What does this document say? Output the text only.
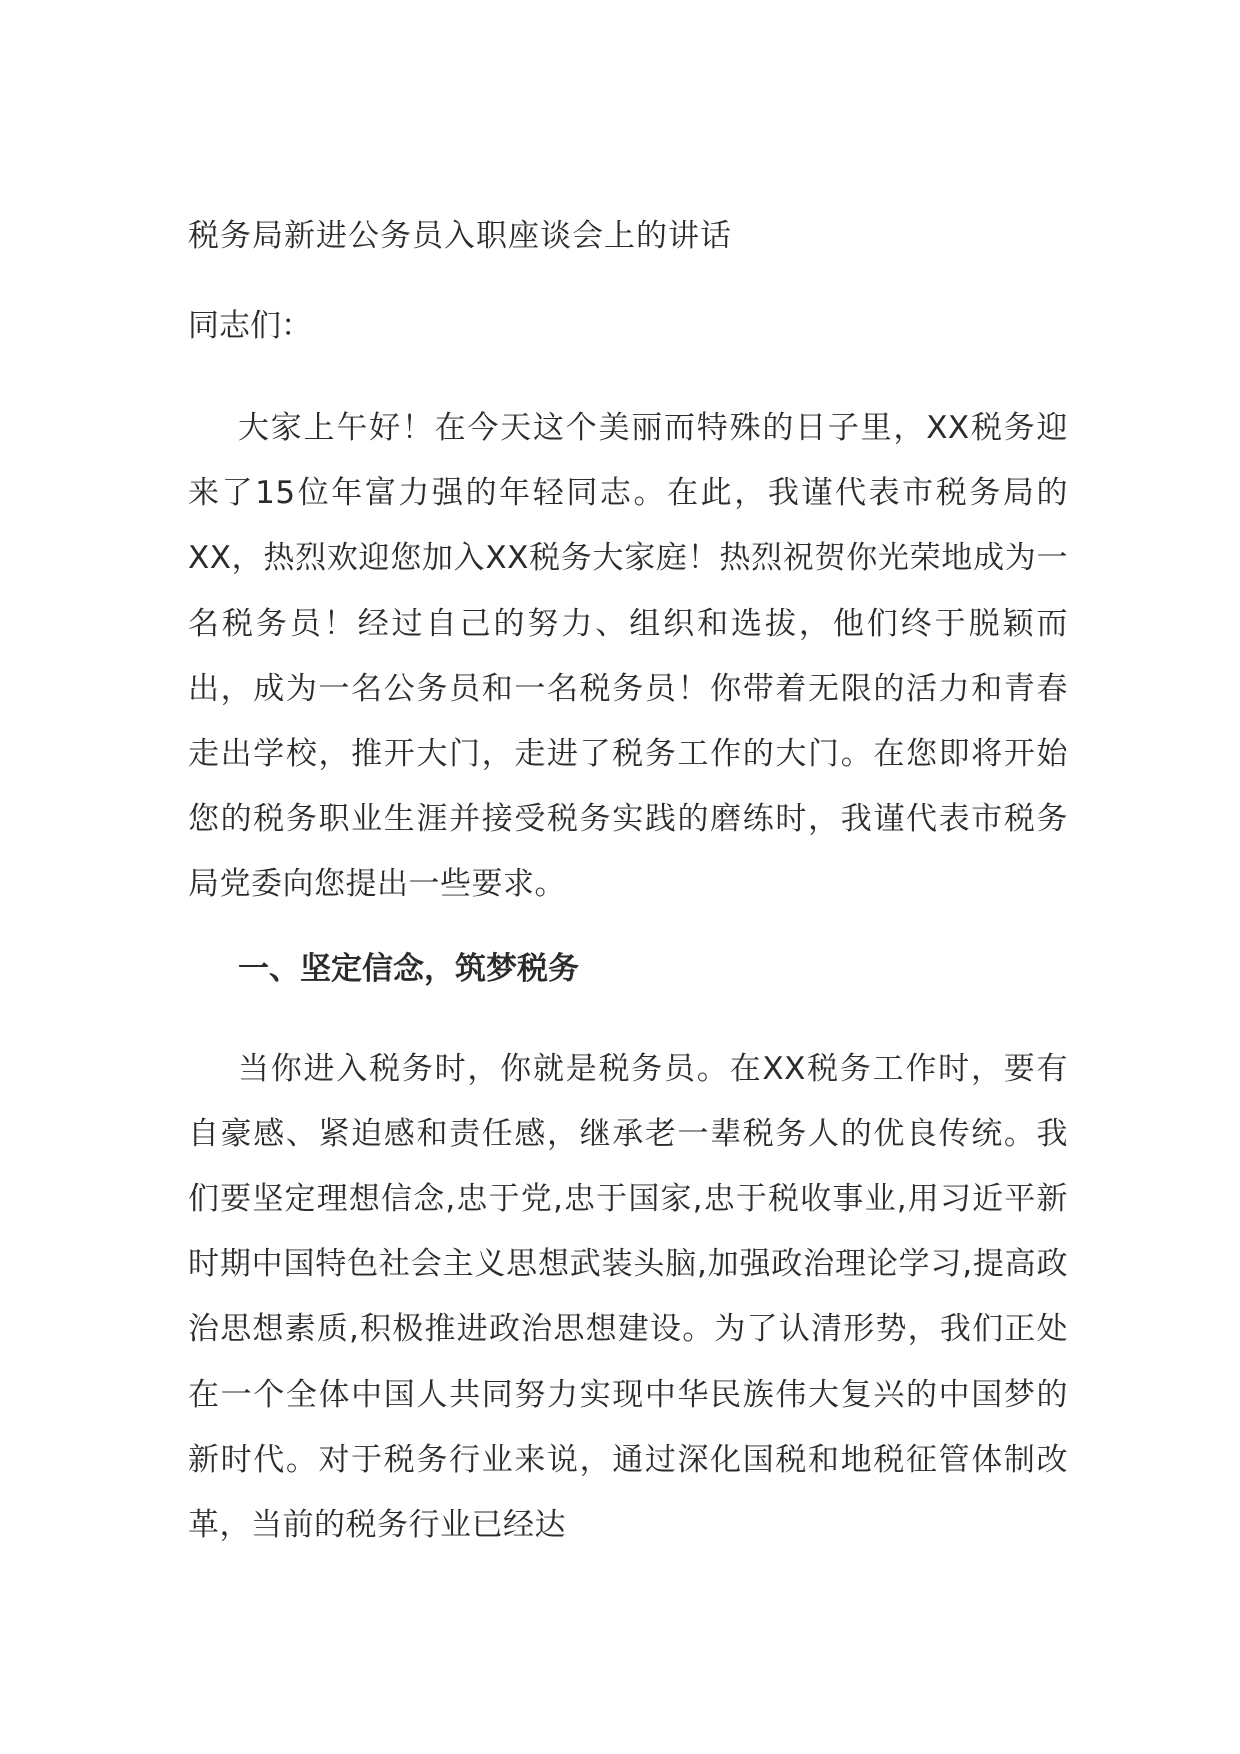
税务局新进公务员入职座谈会上的讲话
同志们：

大家上午好！在今天这个美丽而特殊的日子里，XX税务迎来了15位年富力强的年轻同志。在此，我谨代表市税务局的XX，热烈欢迎您加入XX税务大家庭！热烈祝贺你光荣地成为一名税务员！经过自己的努力、组织和选拔，他们终于脱颖而出，成为一名公务员和一名税务员！你带着无限的活力和青春走出学校，推开大门，走进了税务工作的大门。在您即将开始您的税务职业生涯并接受税务实践的磨练时，我谨代表市税务局党委向您提出一些要求。

一、坚定信念，筑梦税务

当你进入税务时，你就是税务员。在XX税务工作时，要有自豪感、紧迫感和责任感，继承老一辈税务人的优良传统。我们要坚定理想信念,忠于党,忠于国家,忠于税收事业,用习近平新时期中国特色社会主义思想武装头脑,加强政治理论学习,提高政治思想素质,积极推进政治思想建设。为了认清形势，我们正处在一个全体中国人共同努力实现中华民族伟大复兴的中国梦的新时代。对于税务行业来说，通过深化国税和地税征管体制改革，当前的税务行业已经达
